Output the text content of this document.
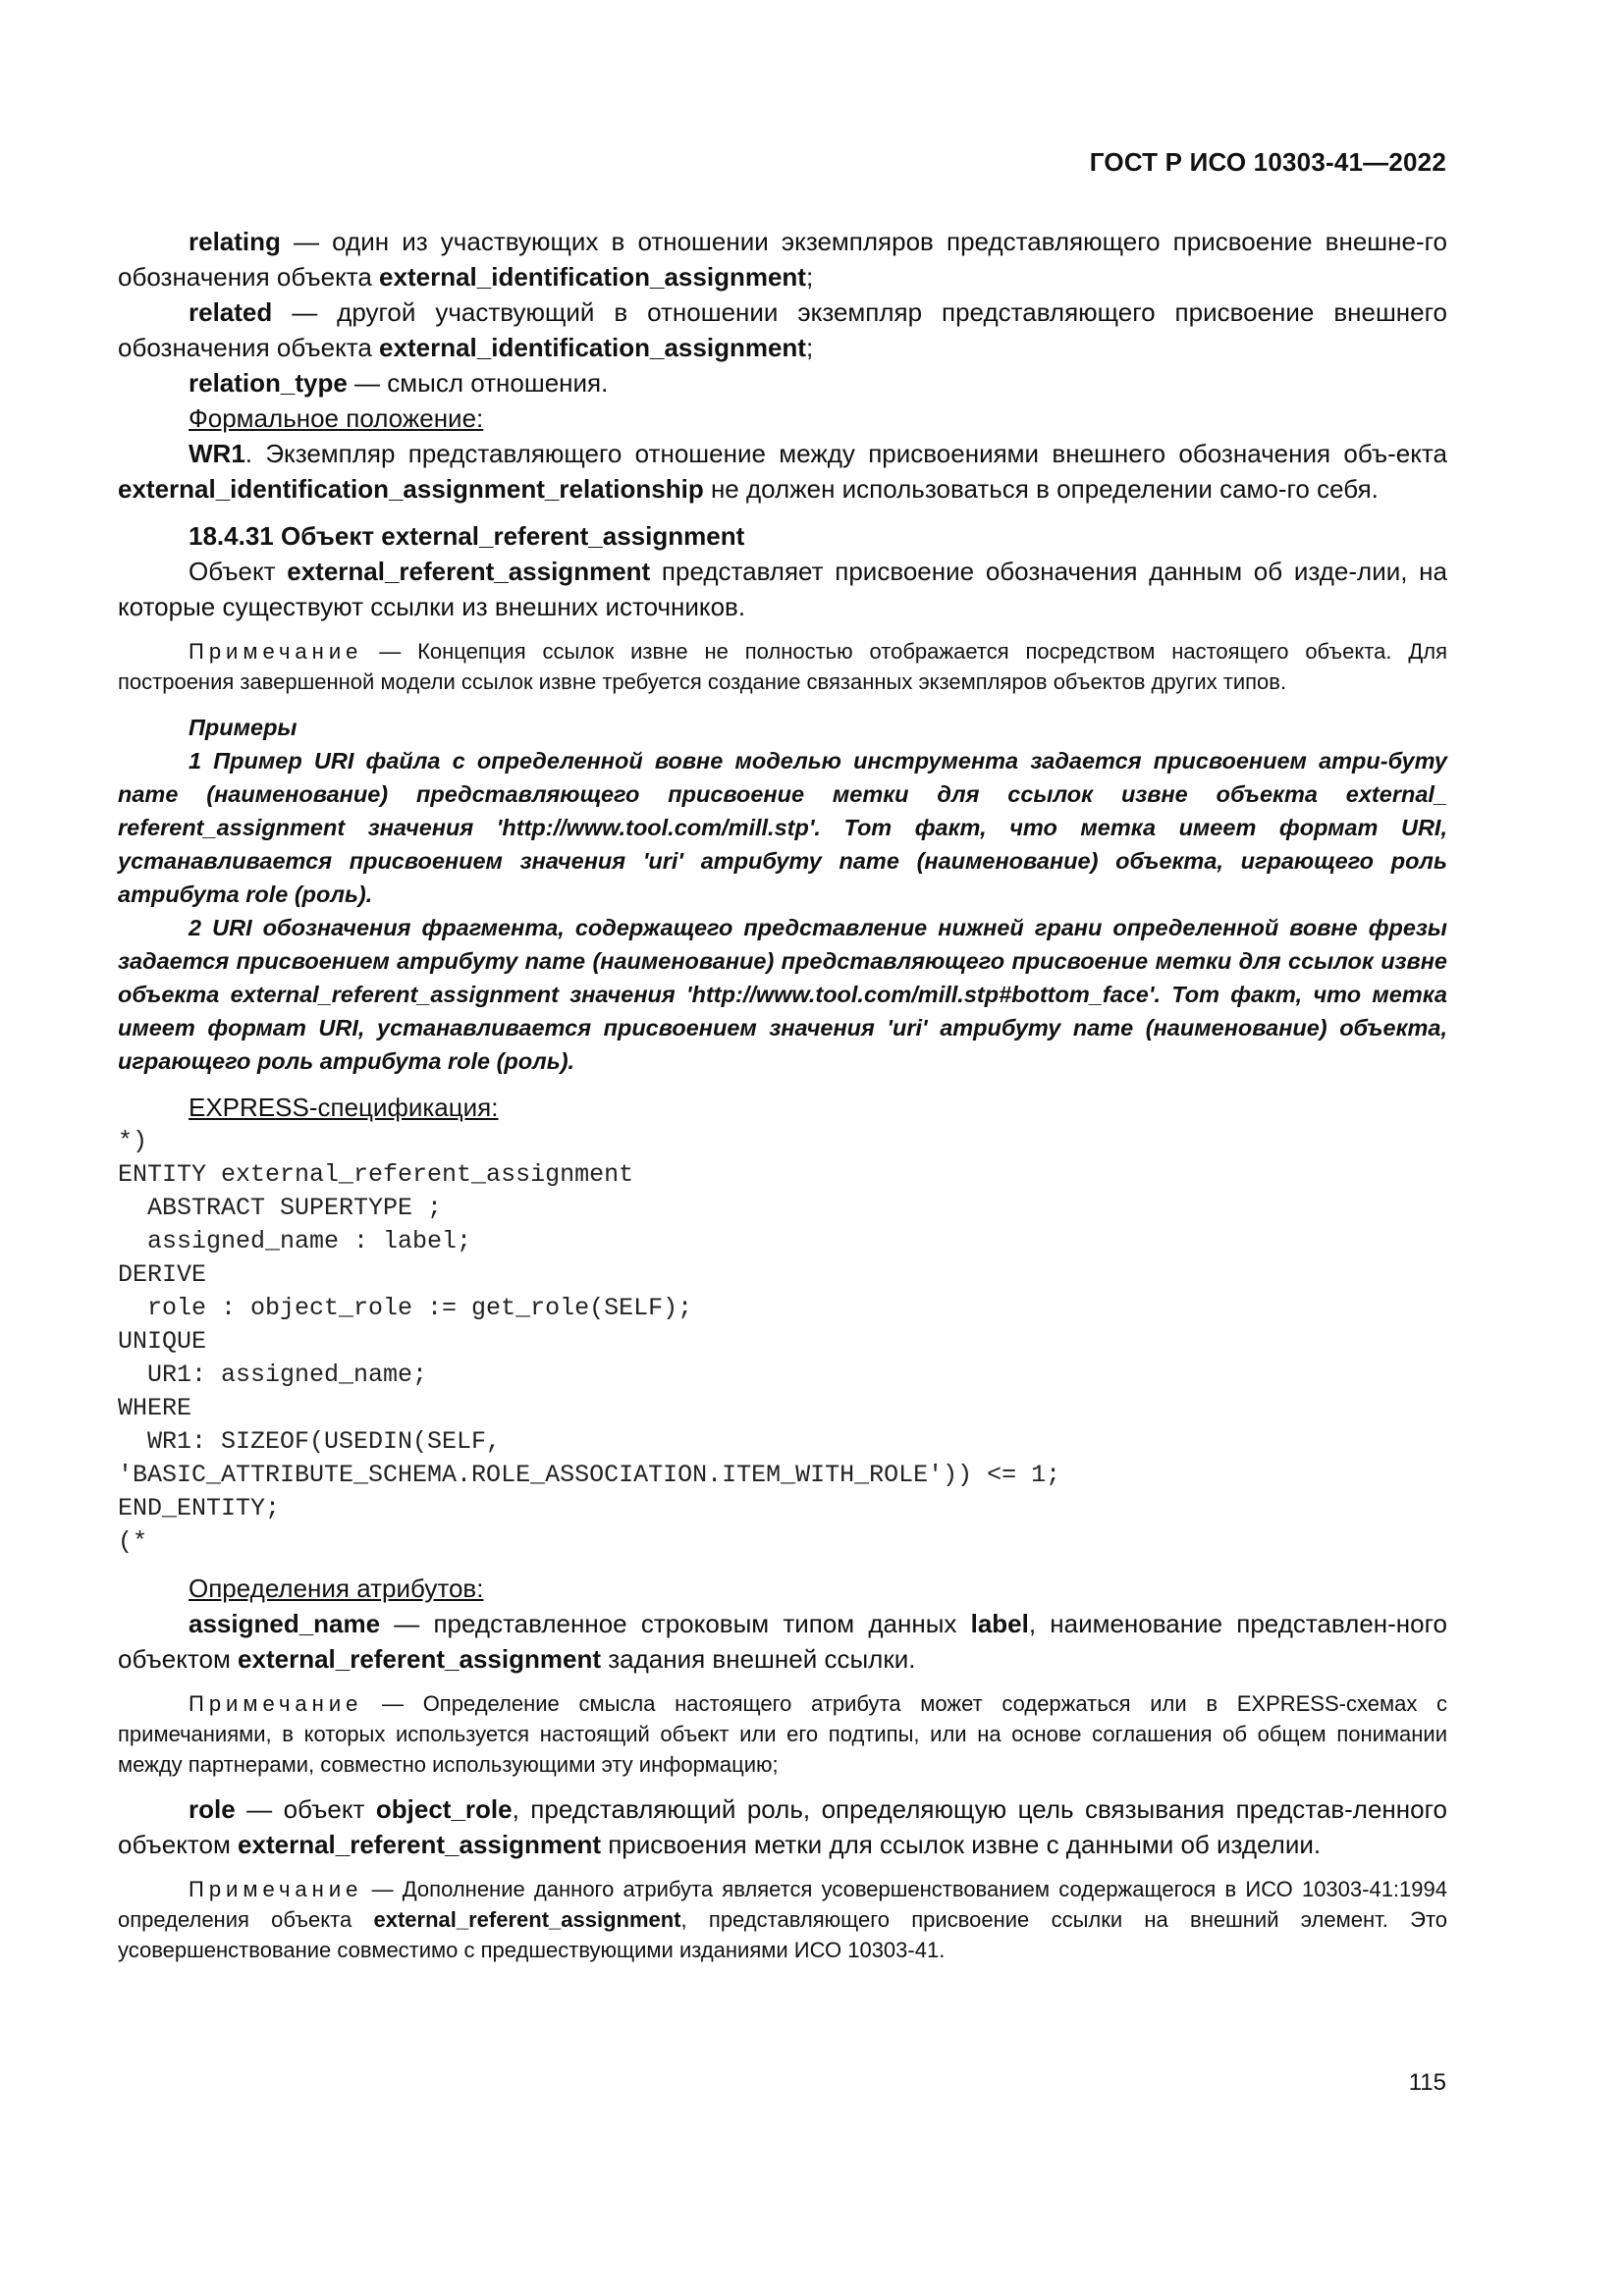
ГОСТ Р ИСО 10303-41—2022

relating — один из участвующих в отношении экземпляров представляющего присвоение внешне-го обозначения объекта external_identification_assignment;

related — другой участвующий в отношении экземпляр представляющего присвоение внешнего обозначения объекта external_identification_assignment;

relation_type — смысл отношения.

Формальное положение:

WR1. Экземпляр представляющего отношение между присвоениями внешнего обозначения объ-екта external_identification_assignment_relationship не должен использоваться в определении само-го себя.

18.4.31 Объект external_referent_assignment

Объект external_referent_assignment представляет присвоение обозначения данным об изде-лии, на которые существуют ссылки из внешних источников.

Примечание — Концепция ссылок извне не полностью отображается посредством настоящего объекта. Для построения завершенной модели ссылок извне требуется создание связанных экземпляров объектов других типов.

Примеры

1 Пример URI файла с определенной вовне моделью инструмента задается присвоением атри-буту name (наименование) представляющего присвоение метки для ссылок извне объекта external_ referent_assignment значения 'http://www.tool.com/mill.stp'. Тот факт, что метка имеет формат URI, устанавливается присвоением значения 'uri' атрибуту name (наименование) объекта, играющего роль атрибута role (роль).

2 URI обозначения фрагмента, содержащего представление нижней грани определенной вовне фрезы задается присвоением атрибуту name (наименование) представляющего присвоение метки для ссылок извне объекта external_referent_assignment значения 'http://www.tool.com/mill.stp#bottom_face'. Тот факт, что метка имеет формат URI, устанавливается присвоением значения 'uri' атрибуту name (наименование) объекта, играющего роль атрибута role (роль).

EXPRESS-спецификация:

*)
ENTITY external_referent_assignment
ABSTRACT SUPERTYPE ;
assigned_name : label;
DERIVE
role : object_role := get_role(SELF);
UNIQUE
UR1: assigned_name;
WHERE
WR1: SIZEOF(USEDIN(SELF,
'BASIC_ATTRIBUTE_SCHEMA.ROLE_ASSOCIATION.ITEM_WITH_ROLE')) <= 1;
END_ENTITY;
(*

Определения атрибутов:

assigned_name — представленное строковым типом данных label, наименование представлен-ного объектом external_referent_assignment задания внешней ссылки.

Примечание — Определение смысла настоящего атрибута может содержаться или в EXPRESS-схемах с примечаниями, в которых используется настоящий объект или его подтипы, или на основе соглашения об общем понимании между партнерами, совместно использующими эту информацию;

role — объект object_role, представляющий роль, определяющую цель связывания представ-ленного объектом external_referent_assignment присвоения метки для ссылок извне с данными об изделии.

Примечание — Дополнение данного атрибута является усовершенствованием содержащегося в ИСО 10303-41:1994 определения объекта external_referent_assignment, представляющего присвоение ссылки на внешний элемент. Это усовершенствование совместимо с предшествующими изданиями ИСО 10303-41.

115
